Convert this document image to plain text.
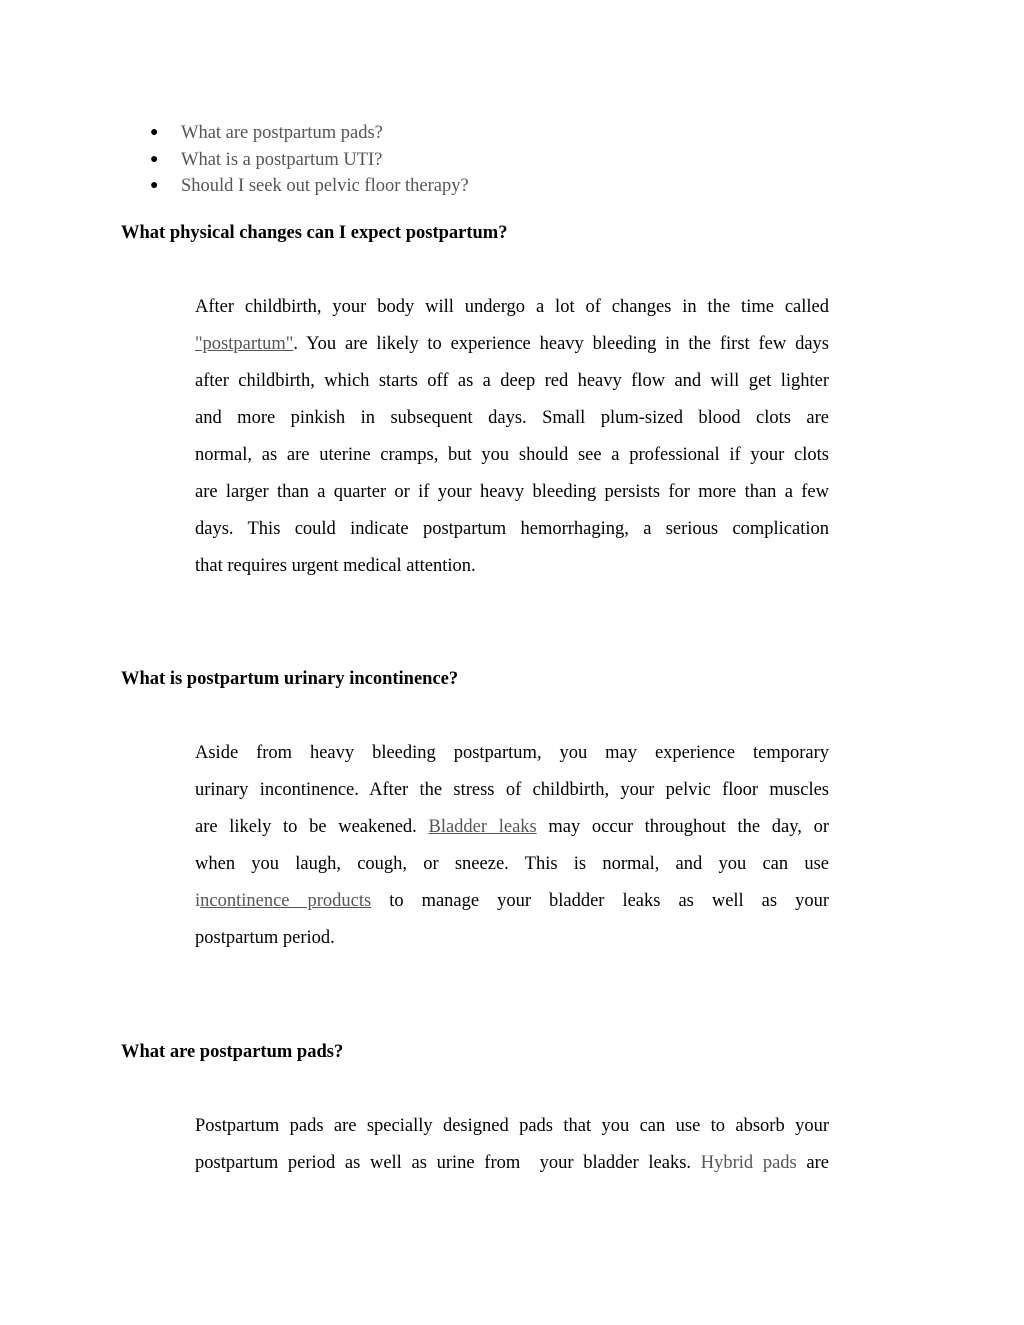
● What are postpartum pads?
● What is a postpartum UTI?
● Should I seek out pelvic floor therapy?
What physical changes can I expect postpartum?
After childbirth, your body will undergo a lot of changes in the time called
"postpartum". You are likely to experience heavy bleeding in the first few days
after childbirth, which starts off as a deep red heavy flow and will get lighter
and more pinkish in subsequent days. Small plum-sized blood clots are
normal, as are uterine cramps, but you should see a professional if your clots
are larger than a quarter or if your heavy bleeding persists for more than a few
days. This could indicate postpartum hemorrhaging, a serious complication
that requires urgent medical attention.
What is postpartum urinary incontinence?
Aside from heavy bleeding postpartum, you may experience temporary
urinary incontinence. After the stress of childbirth, your pelvic floor muscles
are likely to be weakened. Bladder leaks may occur throughout the day, or
when you laugh, cough, or sneeze. This is normal, and you can use
incontinence products to manage your bladder leaks as well as your
postpartum period.
What are postpartum pads?
Postpartum pads are specially designed pads that you can use to absorb your
postpartum period as well as urine from  your bladder leaks. Hybrid pads are
